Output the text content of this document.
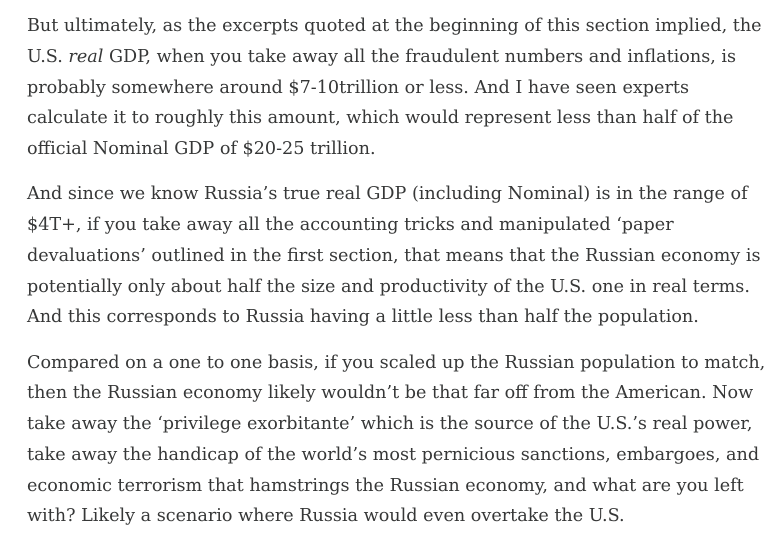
But ultimately, as the excerpts quoted at the beginning of this section implied, the U.S. real GDP, when you take away all the fraudulent numbers and inflations, is probably somewhere around $7-10trillion or less. And I have seen experts calculate it to roughly this amount, which would represent less than half of the official Nominal GDP of $20-25 trillion.

And since we know Russia’s true real GDP (including Nominal) is in the range of $4T+, if you take away all the accounting tricks and manipulated ‘paper devaluations’ outlined in the first section, that means that the Russian economy is potentially only about half the size and productivity of the U.S. one in real terms. And this corresponds to Russia having a little less than half the population.

Compared on a one to one basis, if you scaled up the Russian population to match, then the Russian economy likely wouldn’t be that far off from the American. Now take away the ‘privilege exorbitante’ which is the source of the U.S.’s real power, take away the handicap of the world’s most pernicious sanctions, embargoes, and economic terrorism that hamstrings the Russian economy, and what are you left with? Likely a scenario where Russia would even overtake the U.S.
